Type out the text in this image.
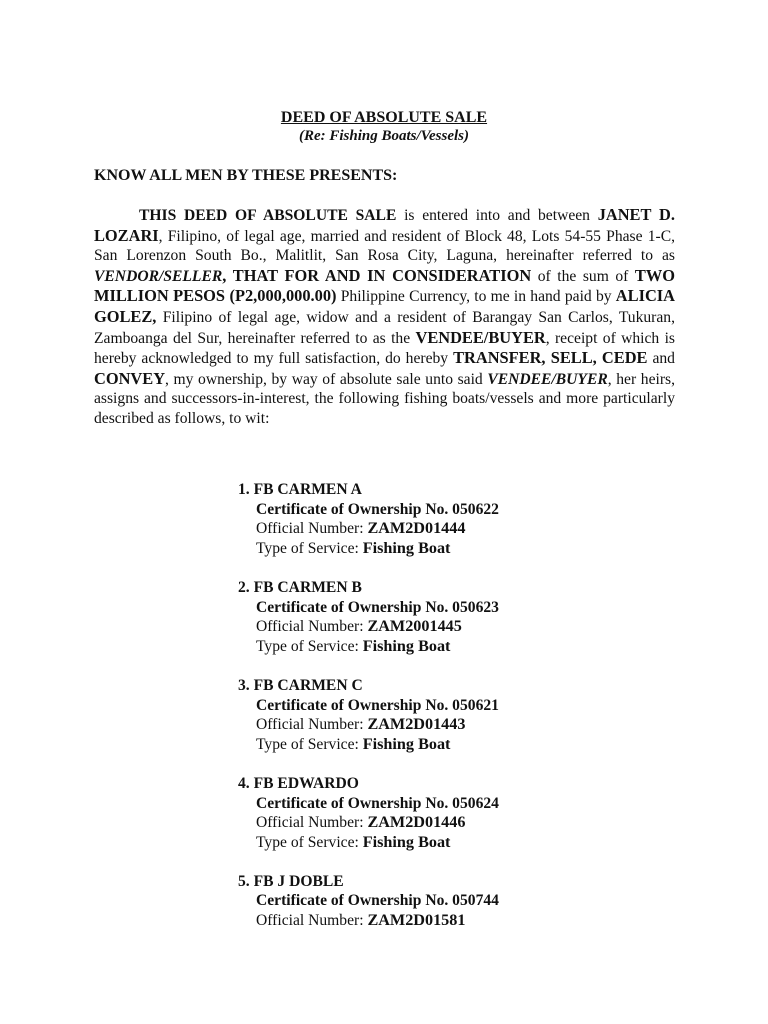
DEED OF ABSOLUTE SALE
(Re: Fishing Boats/Vessels)
KNOW ALL MEN BY THESE PRESENTS:
THIS DEED OF ABSOLUTE SALE is entered into and between JANET D. LOZARI, Filipino, of legal age, married and resident of Block 48, Lots 54-55 Phase 1-C, San Lorenzon South Bo., Malitlit, San Rosa City, Laguna, hereinafter referred to as VENDOR/SELLER, THAT FOR AND IN CONSIDERATION of the sum of TWO MILLION PESOS (P2,000,000.00) Philippine Currency, to me in hand paid by ALICIA GOLEZ, Filipino of legal age, widow and a resident of Barangay San Carlos, Tukuran, Zamboanga del Sur, hereinafter referred to as the VENDEE/BUYER, receipt of which is hereby acknowledged to my full satisfaction, do hereby TRANSFER, SELL, CEDE and CONVEY, my ownership, by way of absolute sale unto said VENDEE/BUYER, her heirs, assigns and successors-in-interest, the following fishing boats/vessels and more particularly described as follows, to wit:
1. FB CARMEN A
Certificate of Ownership No. 050622
Official Number: ZAM2D01444
Type of Service: Fishing Boat
2. FB CARMEN B
Certificate of Ownership No. 050623
Official Number: ZAM2001445
Type of Service: Fishing Boat
3. FB CARMEN C
Certificate of Ownership No. 050621
Official Number: ZAM2D01443
Type of Service: Fishing Boat
4. FB EDWARDO
Certificate of Ownership No. 050624
Official Number: ZAM2D01446
Type of Service: Fishing Boat
5. FB J DOBLE
Certificate of Ownership No. 050744
Official Number: ZAM2D01581
